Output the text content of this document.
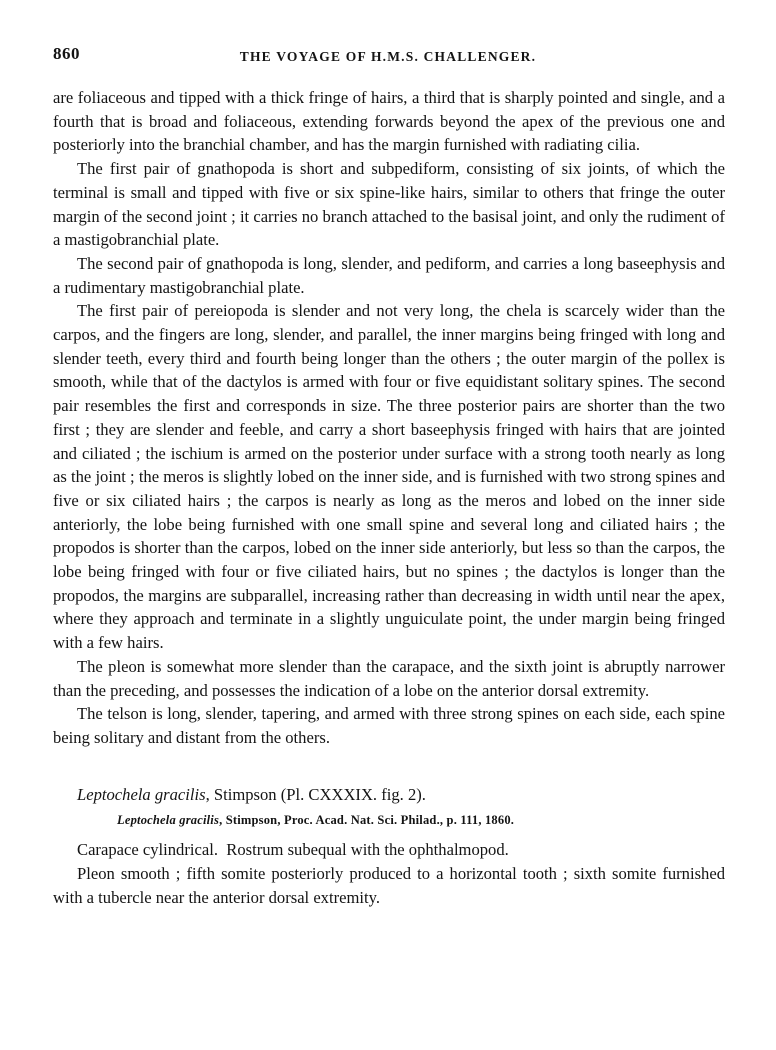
860	THE VOYAGE OF H.M.S. CHALLENGER.

are foliaceous and tipped with a thick fringe of hairs, a third that is sharply pointed and single, and a fourth that is broad and foliaceous, extending forwards beyond the apex of the previous one and posteriorly into the branchial chamber, and has the margin furnished with radiating cilia.

The first pair of gnathopoda is short and subpediform, consisting of six joints, of which the terminal is small and tipped with five or six spine-like hairs, similar to others that fringe the outer margin of the second joint ; it carries no branch attached to the basisal joint, and only the rudiment of a mastigobranchial plate.

The second pair of gnathopoda is long, slender, and pediform, and carries a long baseephysis and a rudimentary mastigobranchial plate.

The first pair of pereiopoda is slender and not very long, the chela is scarcely wider than the carpos, and the fingers are long, slender, and parallel, the inner margins being fringed with long and slender teeth, every third and fourth being longer than the others ; the outer margin of the pollex is smooth, while that of the dactylos is armed with four or five equidistant solitary spines. The second pair resembles the first and corresponds in size. The three posterior pairs are shorter than the two first ; they are slender and feeble, and carry a short baseephysis fringed with hairs that are jointed and ciliated ; the ischium is armed on the posterior under surface with a strong tooth nearly as long as the joint ; the meros is slightly lobed on the inner side, and is furnished with two strong spines and five or six ciliated hairs ; the carpos is nearly as long as the meros and lobed on the inner side anteriorly, the lobe being furnished with one small spine and several long and ciliated hairs ; the propodos is shorter than the carpos, lobed on the inner side anteriorly, but less so than the carpos, the lobe being fringed with four or five ciliated hairs, but no spines ; the dactylos is longer than the propodos, the margins are subparallel, increasing rather than decreasing in width until near the apex, where they approach and terminate in a slightly unguiculate point, the under margin being fringed with a few hairs.

The pleon is somewhat more slender than the carapace, and the sixth joint is abruptly narrower than the preceding, and possesses the indication of a lobe on the anterior dorsal extremity.

The telson is long, slender, tapering, and armed with three strong spines on each side, each spine being solitary and distant from the others.

Leptochela gracilis, Stimpson (Pl. CXXXIX. fig. 2).

Leptochela gracilis, Stimpson, Proc. Acad. Nat. Sci. Philad., p. 111, 1860.

Carapace cylindrical.  Rostrum subequal with the ophthalmopod.

Pleon smooth ; fifth somite posteriorly produced to a horizontal tooth ; sixth somite furnished with a tubercle near the anterior dorsal extremity.
